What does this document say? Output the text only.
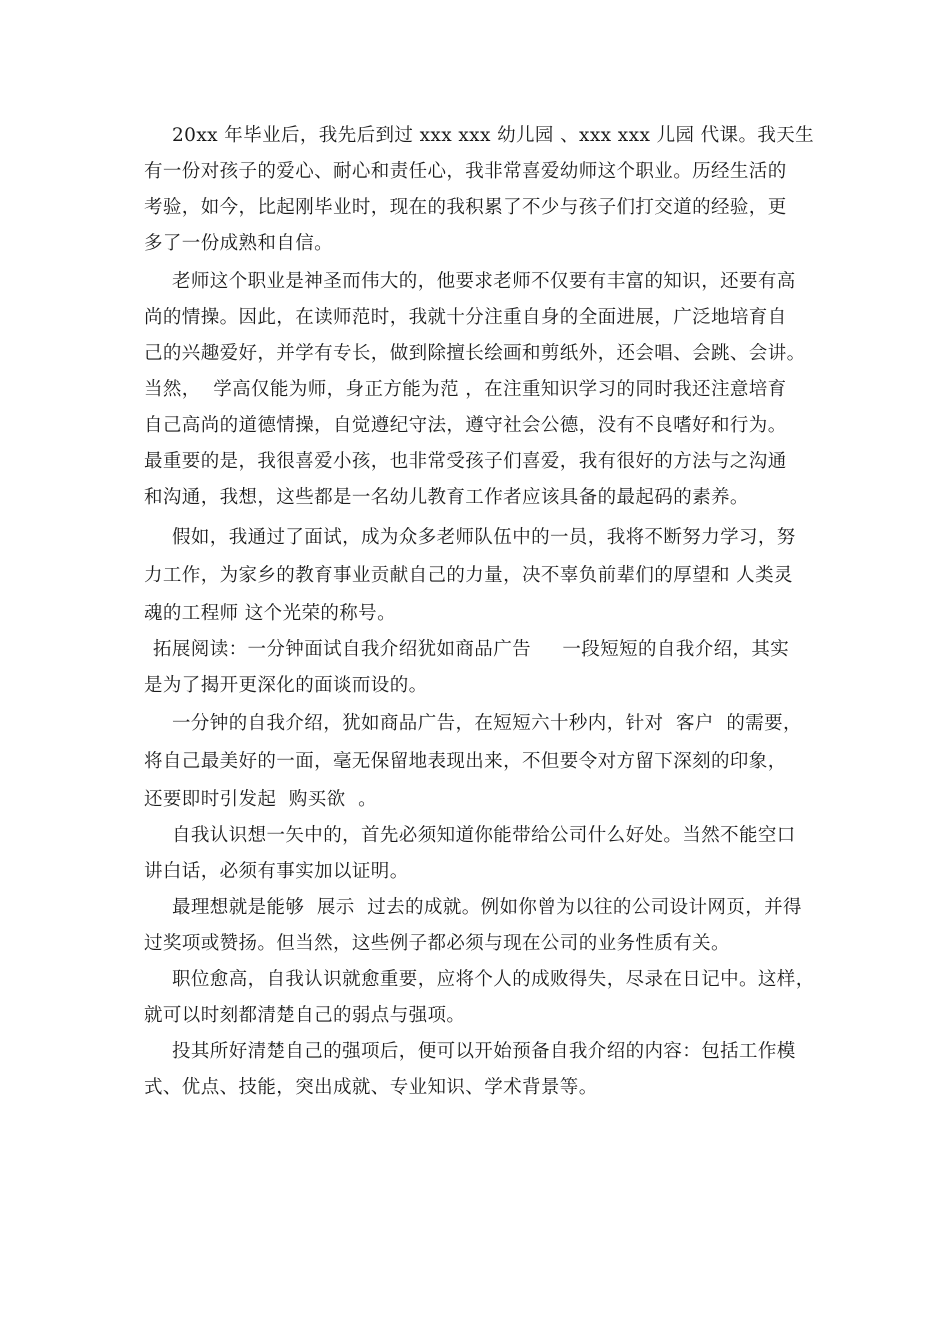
20xx 年毕业后，我先后到过 xxx xxx 幼儿园 、xxx xxx 儿园 代课。我天生
有一份对孩子的爱心、耐心和责任心，我非常喜爱幼师这个职业。历经生活的
考验，如今，比起刚毕业时，现在的我积累了不少与孩子们打交道的经验，更
多了一份成熟和自信。
老师这个职业是神圣而伟大的，他要求老师不仅要有丰富的知识，还要有高
尚的情操。因此，在读师范时，我就十分注重自身的全面进展，广泛地培育自
己的兴趣爱好，并学有专长，做到除擅长绘画和剪纸外，还会唱、会跳、会讲。
当然，  学高仅能为师，身正方能为范 ，在注重知识学习的同时我还注意培育
自己高尚的道德情操，自觉遵纪守法，遵守社会公德，没有不良嗜好和行为。
最重要的是，我很喜爱小孩，也非常受孩子们喜爱，我有很好的方法与之沟通
和沟通，我想，这些都是一名幼儿教育工作者应该具备的最起码的素养。
假如，我通过了面试，成为众多老师队伍中的一员，我将不断努力学习，努
力工作，为家乡的教育事业贡献自己的力量，决不辜负前辈们的厚望和 人类灵
魂的工程师 这个光荣的称号。
拓展阅读：一分钟面试自我介绍犹如商品广告     一段短短的自我介绍，其实
是为了揭开更深化的面谈而设的。
一分钟的自我介绍，犹如商品广告，在短短六十秒内，针对  客户  的需要，
将自己最美好的一面，毫无保留地表现出来，不但要令对方留下深刻的印象，
还要即时引发起  购买欲  。
自我认识想一矢中的，首先必须知道你能带给公司什么好处。当然不能空口
讲白话，必须有事实加以证明。
最理想就是能够  展示  过去的成就。例如你曾为以往的公司设计网页，并得
过奖项或赞扬。但当然，这些例子都必须与现在公司的业务性质有关。
职位愈高，自我认识就愈重要，应将个人的成败得失，尽录在日记中。这样，
就可以时刻都清楚自己的弱点与强项。
投其所好清楚自己的强项后，便可以开始预备自我介绍的内容：包括工作模
式、优点、技能，突出成就、专业知识、学术背景等。
